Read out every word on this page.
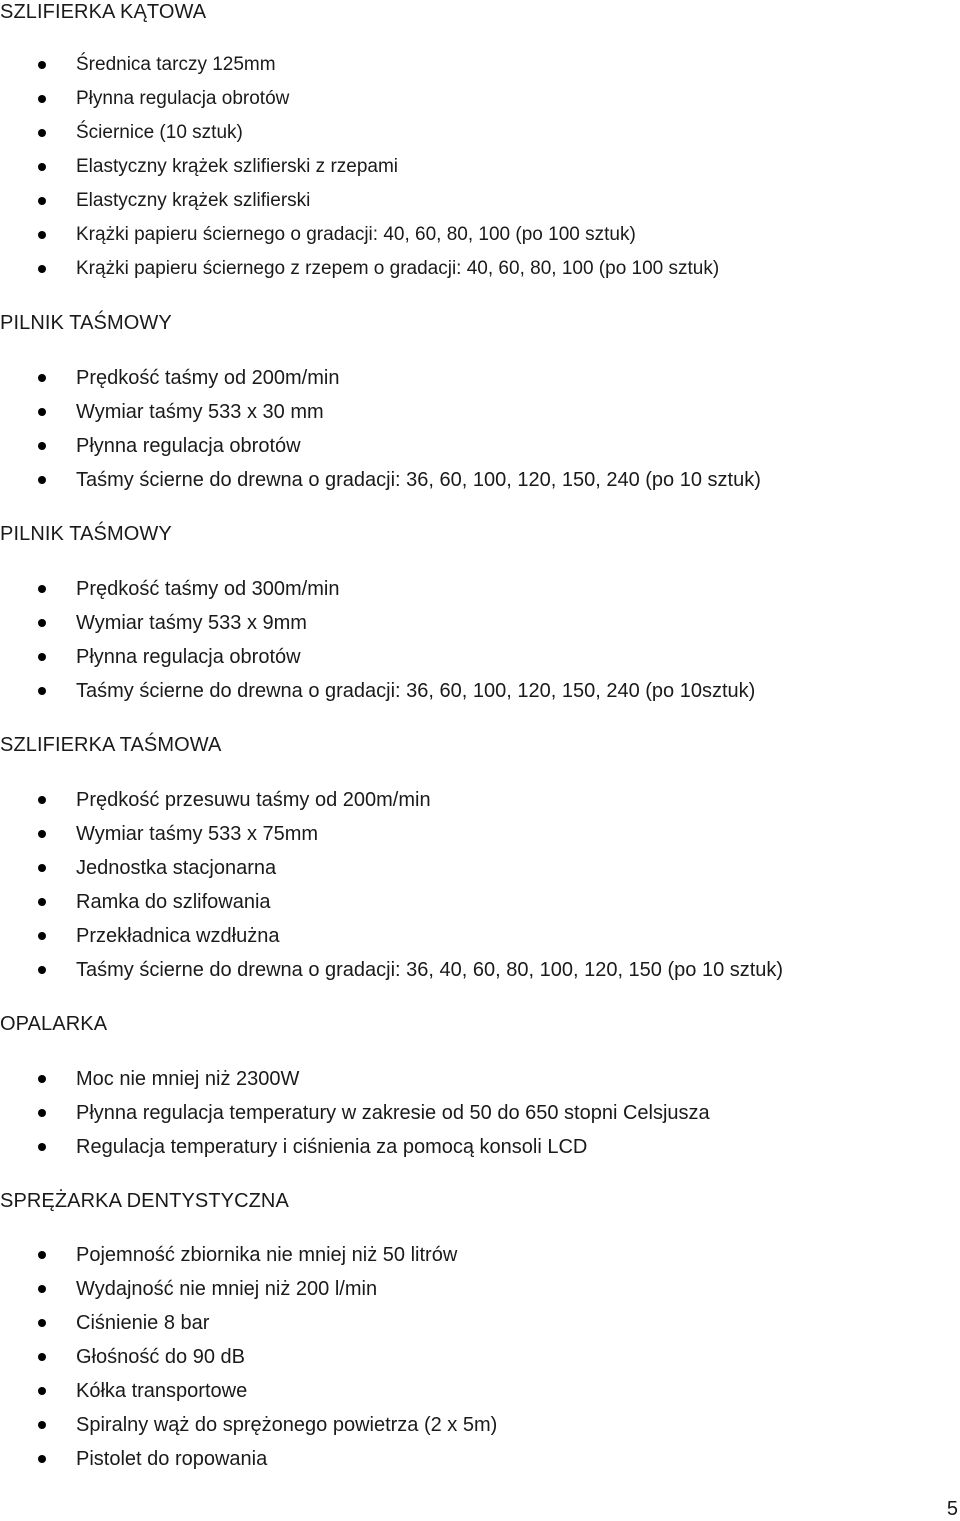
SZLIFIERKA KĄTOWA
Średnica tarczy 125mm
Płynna regulacja obrotów
Ściernice (10 sztuk)
Elastyczny krążek szlifierski z rzepami
Elastyczny krążek szlifierski
Krążki papieru ściernego o gradacji: 40, 60, 80, 100 (po 100 sztuk)
Krążki papieru ściernego z rzepem o gradacji: 40, 60, 80, 100 (po 100 sztuk)
PILNIK TAŚMOWY
Prędkość taśmy od 200m/min
Wymiar taśmy 533 x 30 mm
Płynna regulacja obrotów
Taśmy ścierne do drewna o gradacji: 36, 60, 100, 120, 150, 240 (po 10 sztuk)
PILNIK TAŚMOWY
Prędkość taśmy od 300m/min
Wymiar taśmy 533 x 9mm
Płynna regulacja obrotów
Taśmy ścierne do drewna o gradacji: 36, 60, 100, 120, 150, 240 (po 10sztuk)
SZLIFIERKA TAŚMOWA
Prędkość przesuwu taśmy od 200m/min
Wymiar taśmy 533 x 75mm
Jednostka stacjonarna
Ramka do szlifowania
Przekładnica wzdłużna
Taśmy ścierne do drewna o gradacji: 36, 40, 60, 80, 100, 120, 150 (po 10 sztuk)
OPALARKA
Moc nie mniej niż 2300W
Płynna regulacja temperatury w zakresie od 50 do 650 stopni Celsjusza
Regulacja temperatury i ciśnienia za pomocą konsoli LCD
SPRĘŻARKA DENTYSTYCZNA
Pojemność zbiornika nie mniej niż 50 litrów
Wydajność nie mniej niż 200 l/min
Ciśnienie 8 bar
Głośność do 90 dB
Kółka transportowe
Spiralny wąż do sprężonego powietrza (2 x 5m)
Pistolet do ropowania
5
